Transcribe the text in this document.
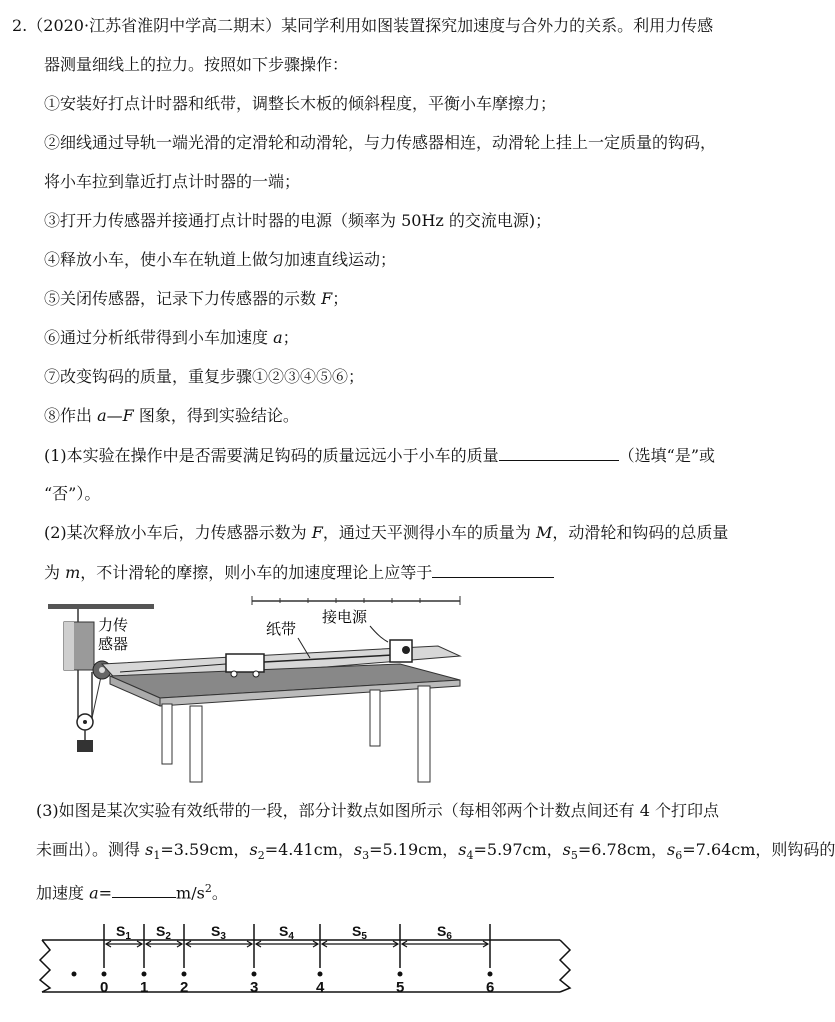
2.（2020·江苏省淮阴中学高二期末）某同学利用如图装置探究加速度与合外力的关系。利用力传感
器测量细线上的拉力。按照如下步骤操作：
①安装好打点计时器和纸带，调整长木板的倾斜程度，平衡小车摩擦力；
②细线通过导轨一端光滑的定滑轮和动滑轮，与力传感器相连，动滑轮上挂上一定质量的钩码，
将小车拉到靠近打点计时器的一端；
③打开力传感器并接通打点计时器的电源（频率为 50Hz 的交流电源)；
④释放小车，使小车在轨道上做匀加速直线运动；
⑤关闭传感器，记录下力传感器的示数 F；
⑥通过分析纸带得到小车加速度 a；
⑦改变钩码的质量，重复步骤①②③④⑤⑥；
⑧作出 a—F 图象，得到实验结论。
(1)本实验在操作中是否需要满足钩码的质量远远小于小车的质量	（选填“是”或
“否”）。
(2)某次释放小车后，力传感器示数为 F，通过天平测得小车的质量为 M，动滑轮和钩码的总质量
为 m，不计滑轮的摩擦，则小车的加速度理论上应等于
力传
感器
纸带
接电源
(3)如图是某次实验有效纸带的一段，部分计数点如图所示（每相邻两个计数点间还有 4 个打印点
未画出）。测得 $s_1=3.59cm$，$s_2=4.41cm$，$s_3=5.19cm$，$s_4=5.97cm$，$s_5=6.78cm$，$s_6=7.64cm$，则钩码的
加速度 a=	$m/s^2$。
0 1 2	3	4	5	6
$S_1$ $S_2$	$S_3$	$S_4$	$S_5$	$S_6$
